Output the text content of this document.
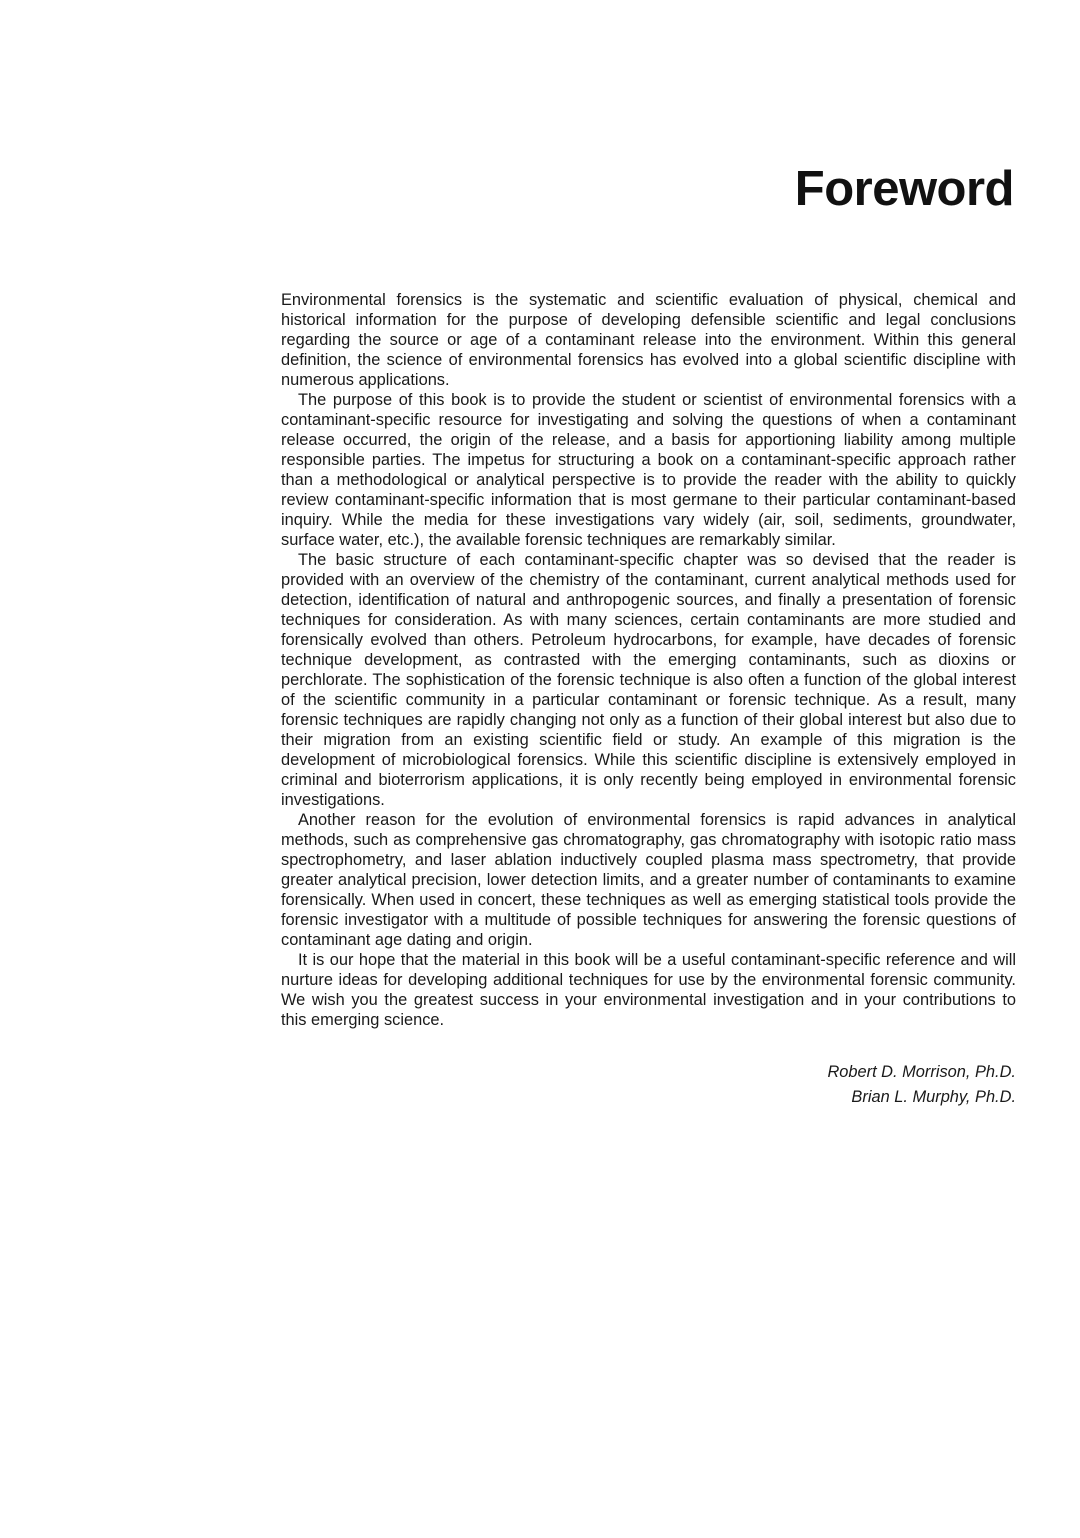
Foreword

Environmental forensics is the systematic and scientific evaluation of physical, chemical and historical information for the purpose of developing defensible scientific and legal conclusions regarding the source or age of a contaminant release into the environment. Within this general definition, the science of environmental forensics has evolved into a global scientific discipline with numerous applications.

The purpose of this book is to provide the student or scientist of environmental forensics with a contaminant-specific resource for investigating and solving the questions of when a contaminant release occurred, the origin of the release, and a basis for apportioning liability among multiple responsible parties. The impetus for structuring a book on a contaminant-specific approach rather than a methodological or analytical perspective is to provide the reader with the ability to quickly review contaminant-specific information that is most germane to their particular contaminant-based inquiry. While the media for these investigations vary widely (air, soil, sediments, groundwater, surface water, etc.), the available forensic techniques are remarkably similar.

The basic structure of each contaminant-specific chapter was so devised that the reader is provided with an overview of the chemistry of the contaminant, current analytical methods used for detection, identification of natural and anthropogenic sources, and finally a presentation of forensic techniques for consideration. As with many sciences, certain contaminants are more studied and forensically evolved than others. Petroleum hydrocarbons, for example, have decades of forensic technique development, as contrasted with the emerging contaminants, such as dioxins or perchlorate. The sophistication of the forensic technique is also often a function of the global interest of the scientific community in a particular contaminant or forensic technique. As a result, many forensic techniques are rapidly changing not only as a function of their global interest but also due to their migration from an existing scientific field or study. An example of this migration is the development of microbiological forensics. While this scientific discipline is extensively employed in criminal and bioterrorism applications, it is only recently being employed in environmental forensic investigations.

Another reason for the evolution of environmental forensics is rapid advances in analytical methods, such as comprehensive gas chromatography, gas chromatography with isotopic ratio mass spectrophometry, and laser ablation inductively coupled plasma mass spectrometry, that provide greater analytical precision, lower detection limits, and a greater number of contaminants to examine forensically. When used in concert, these techniques as well as emerging statistical tools provide the forensic investigator with a multitude of possible techniques for answering the forensic questions of contaminant age dating and origin.

It is our hope that the material in this book will be a useful contaminant-specific reference and will nurture ideas for developing additional techniques for use by the environmental forensic community. We wish you the greatest success in your environmental investigation and in your contributions to this emerging science.

Robert D. Morrison, Ph.D.
Brian L. Murphy, Ph.D.
